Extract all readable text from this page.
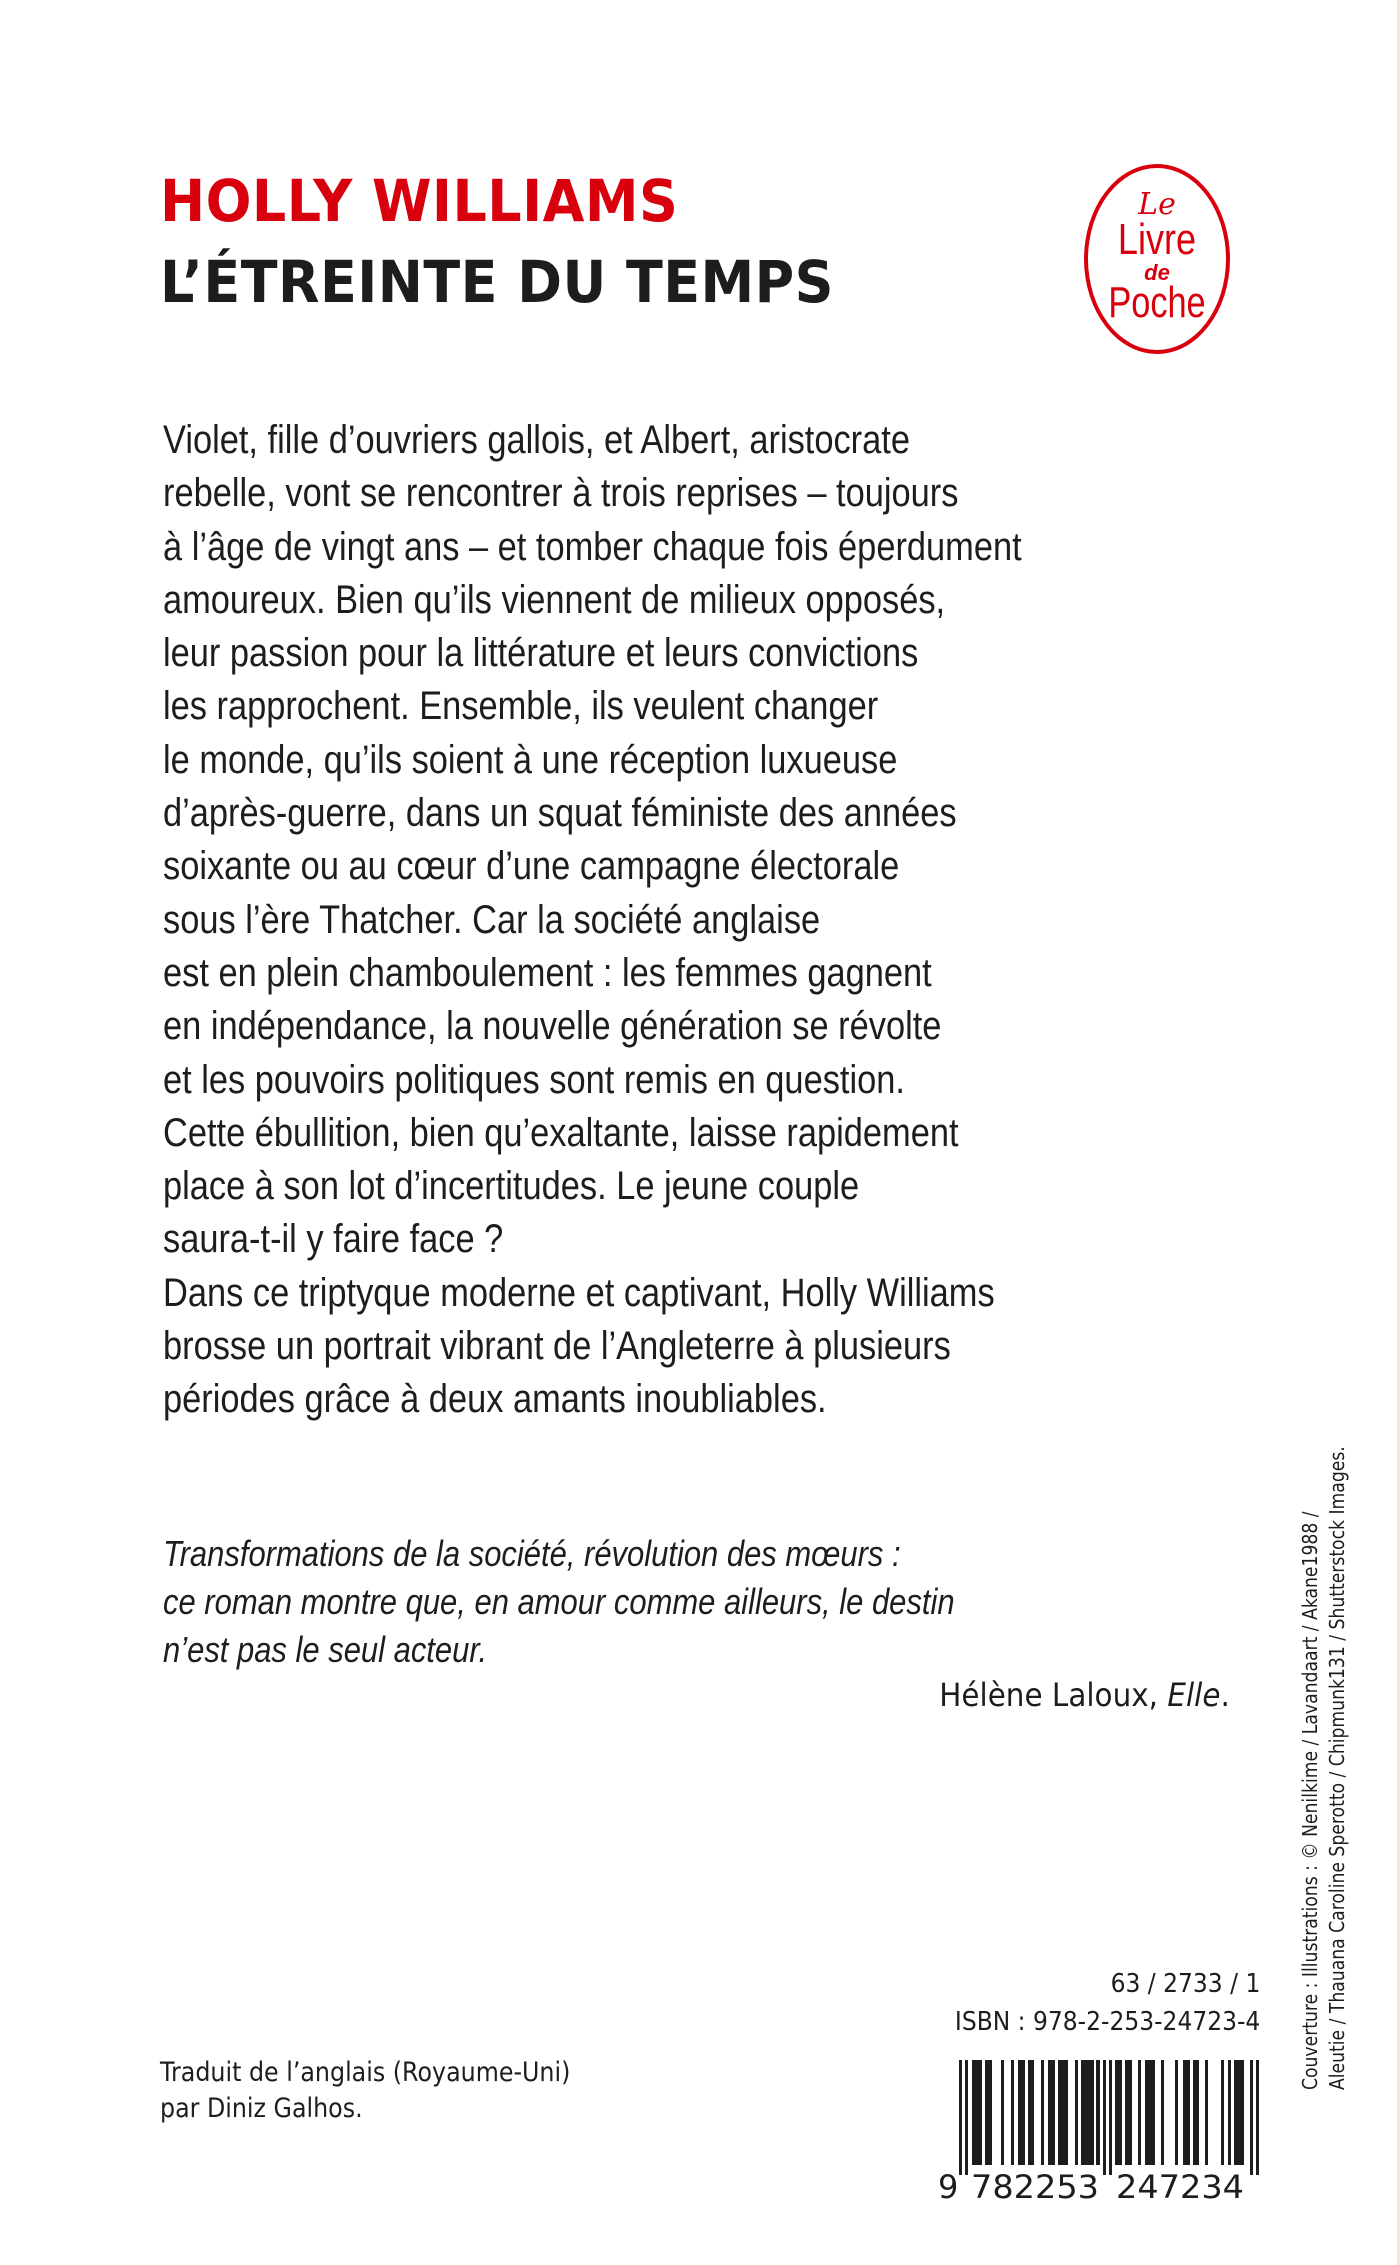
HOLLY WILLIAMS
L’ÉTREINTE DU TEMPS
Le
Livre
de
Poche
Violet, fille d’ouvriers gallois, et Albert, aristocrate
rebelle, vont se rencontrer à trois reprises – toujours
à l’âge de vingt ans – et tomber chaque fois éperdument
amoureux. Bien qu’ils viennent de milieux opposés,
leur passion pour la littérature et leurs convictions
les rapprochent. Ensemble, ils veulent changer
le monde, qu’ils soient à une réception luxueuse
d’après-guerre, dans un squat féministe des années
soixante ou au cœur d’une campagne électorale
sous l’ère Thatcher. Car la société anglaise
est en plein chamboulement : les femmes gagnent
en indépendance, la nouvelle génération se révolte
et les pouvoirs politiques sont remis en question.
Cette ébullition, bien qu’exaltante, laisse rapidement
place à son lot d’incertitudes. Le jeune couple
saura-t-il y faire face ?
Dans ce triptyque moderne et captivant, Holly Williams
brosse un portrait vibrant de l’Angleterre à plusieurs
périodes grâce à deux amants inoubliables.
Transformations de la société, révolution des mœurs :
ce roman montre que, en amour comme ailleurs, le destin
n’est pas le seul acteur.
Hélène Laloux, Elle.
63 / 2733 / 1
ISBN : 978-2-253-24723-4
9 782253 247234
Traduit de l’anglais (Royaume-Uni)
par Diniz Galhos.
Couverture : Illustrations : © Nenilkime / Lavandaart / Akane1988 / Aleutie / Thauana Caroline Sperotto / Chipmunk131 / Shutterstock Images.
